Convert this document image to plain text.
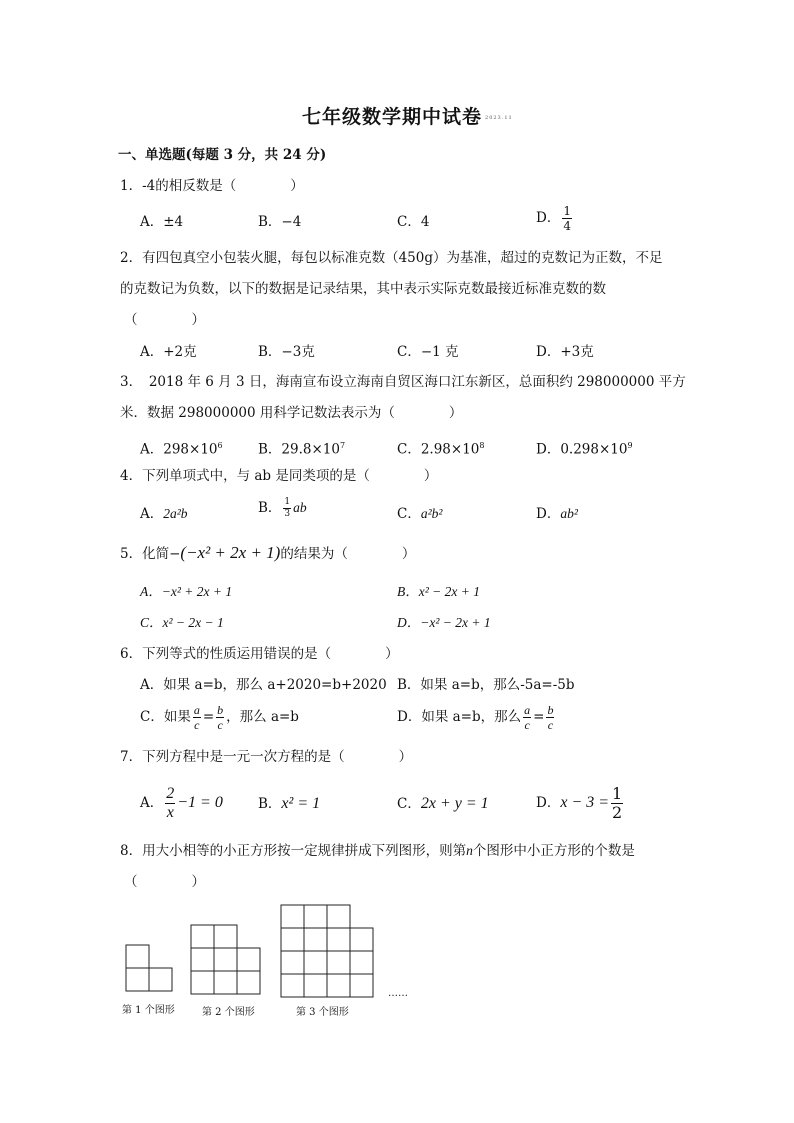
七年级数学期中试卷 2023.11
一、单选题(每题 3 分，共 24 分)
1．-4的相反数是（　　　　）
A．±4	B．−4	C．4	D． $\frac{1}{4}$
2．有四包真空小包装火腿，每包以标准克数（450g）为基准，超过的克数记为正数，不足
的克数记为负数，以下的数据是记录结果，其中表示实际克数最接近标准克数的数
（　　　　）
A．+2克	B．−3克	C．−1 克	D．+3克
3．　2018 年 6 月 3 日，海南宣布设立海南自贸区海口江东新区，总面积约 298000000 平方
米．数据 298000000 用科学记数法表示为（　　　　）
A．$298\times 10^6$	B．$29.8\times 10^7$	C．$2.98\times 10^8$	D．$0.298\times 10^9$
4．下列单项式中，与 ab 是同类项的是（　　　　）
A．2a²b	B． $\frac{1}{3}$ ab	C．a²b²	D．ab²
5．化简−(−x² + 2x + 1)的结果为（　　　　）
A．−x² + 2x + 1	B．x² − 2x + 1
C．x² − 2x − 1	D．−x² − 2x + 1
6．下列等式的性质运用错误的是（　　　　）
A．如果 a=b，那么 a+2020=b+2020 B．如果 a=b，那么-5a=-5b
C．如果 $\frac{a}{c} = \frac{b}{c}$ ，那么 a=b	D．如果 a=b，那么 $\frac{a}{c} = \frac{b}{c}$
7．下列方程中是一元一次方程的是（　　　　）
A． $\frac{2}{x} -1 = 0$	B．x² = 1	C．2x + y = 1	D．$x - 3 = \frac{1}{2}$
8．用大小相等的小正方形按一定规律拼成下列图形，则第n个图形中小正方形的个数是
（　　　　）
第 1 个图形	第 2 个图形	第 3 个图形
……
